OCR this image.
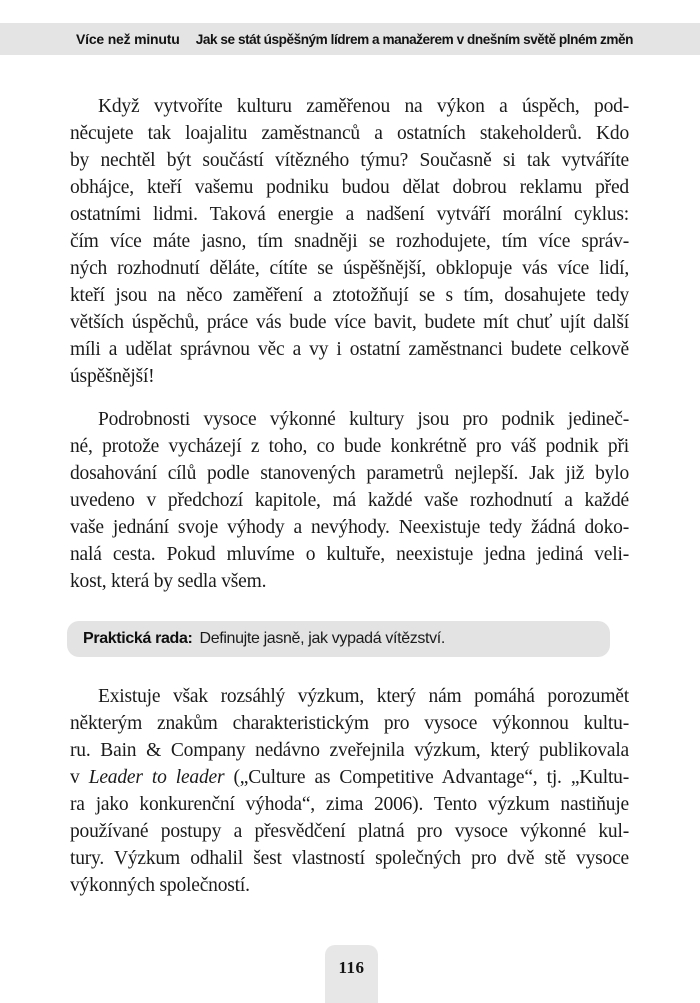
Více než minutu Jak se stát úspěšným lídrem a manažerem v dnešním světě plném změn
Když vytvoříte kulturu zaměřenou na výkon a úspěch, pod-
něcujete tak loajalitu zaměstnanců a ostatních stakeholderů. Kdo
by nechtěl být součástí vítězného týmu? Současně si tak vytváříte
obhájce, kteří vašemu podniku budou dělat dobrou reklamu před
ostatními lidmi. Taková energie a nadšení vytváří morální cyklus:
čím více máte jasno, tím snadněji se rozhodujete, tím více správ-
ných rozhodnutí děláte, cítíte se úspěšnější, obklopuje vás více lidí,
kteří jsou na něco zaměření a ztotožňují se s tím, dosahujete tedy
větších úspěchů, práce vás bude více bavit, budete mít chuť ujít další
míli a udělat správnou věc a vy i ostatní zaměstnanci budete celkově
úspěšnější!
Podrobnosti vysoce výkonné kultury jsou pro podnik jedineč-
né, protože vycházejí z toho, co bude konkrétně pro váš podnik při
dosahování cílů podle stanovených parametrů nejlepší. Jak již bylo
uvedeno v předchozí kapitole, má každé vaše rozhodnutí a každé
vaše jednání svoje výhody a nevýhody. Neexistuje tedy žádná doko-
nalá cesta. Pokud mluvíme o kultuře, neexistuje jedna jediná veli-
kost, která by sedla všem.
Praktická rada: Definujte jasně, jak vypadá vítězství.
Existuje však rozsáhlý výzkum, který nám pomáhá porozumět
některým znakům charakteristickým pro vysoce výkonnou kultu-
ru. Bain & Company nedávno zveřejnila výzkum, který publikovala
v Leader to leader („Culture as Competitive Advantage“, tj. „Kultu-
ra jako konkurenční výhoda“, zima 2006). Tento výzkum nastiňuje
používané postupy a přesvědčení platná pro vysoce výkonné kul-
tury. Výzkum odhalil šest vlastností společných pro dvě stě vysoce
výkonných společností.
116
